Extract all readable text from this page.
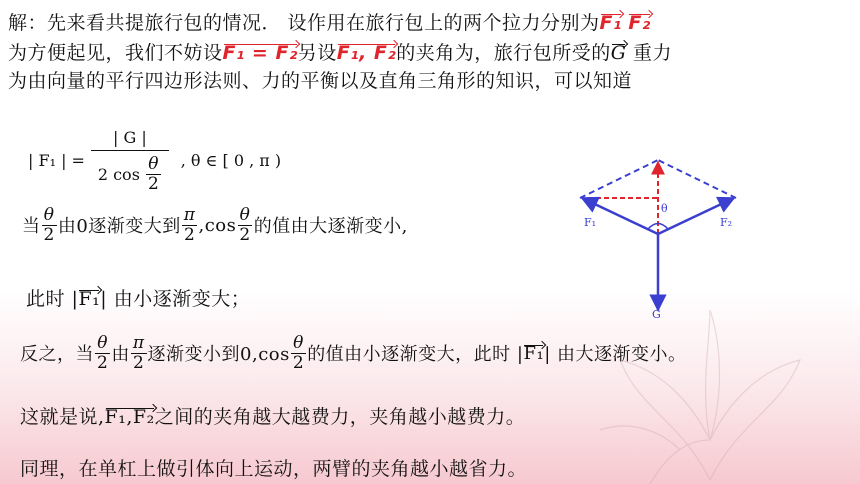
解：先来看共提旅行包的情况． 设作用在旅行包上的两个拉力分别为F₁ F₂
为方便起见，我们不妨设F₁ = F₂另设F₁, F₂的夹角为，旅行包所受的G 重力
为由向量的平行四边形法则、力的平衡以及直角三角形的知识，可以知道
| F₁ | = | G |
2 cos
$\frac{\theta}{2}$ , θ ∈ [ 0 , π )
当 $\frac{\theta}{2}$ 由0逐渐变大到 $\frac{\pi}{2} ,\cos \frac{\theta}{2}$ 的值由大逐渐变小,
此时 |F₁| 由小逐渐变大；
反之，当 $\frac{\theta}{2}$ 由 $\frac{\pi}{2}$ 逐渐变小到$0,\cos \frac{\theta}{2}$ 的值由小逐渐变大，此时 | F₁ | 由大逐渐变小。
这就是说,F₁,F₂之间的夹角越大越费力，夹角越小越费力。
同理，在单杠上做引体向上运动，两臂的夹角越小越省力。
θ
F₁	F₂
G
